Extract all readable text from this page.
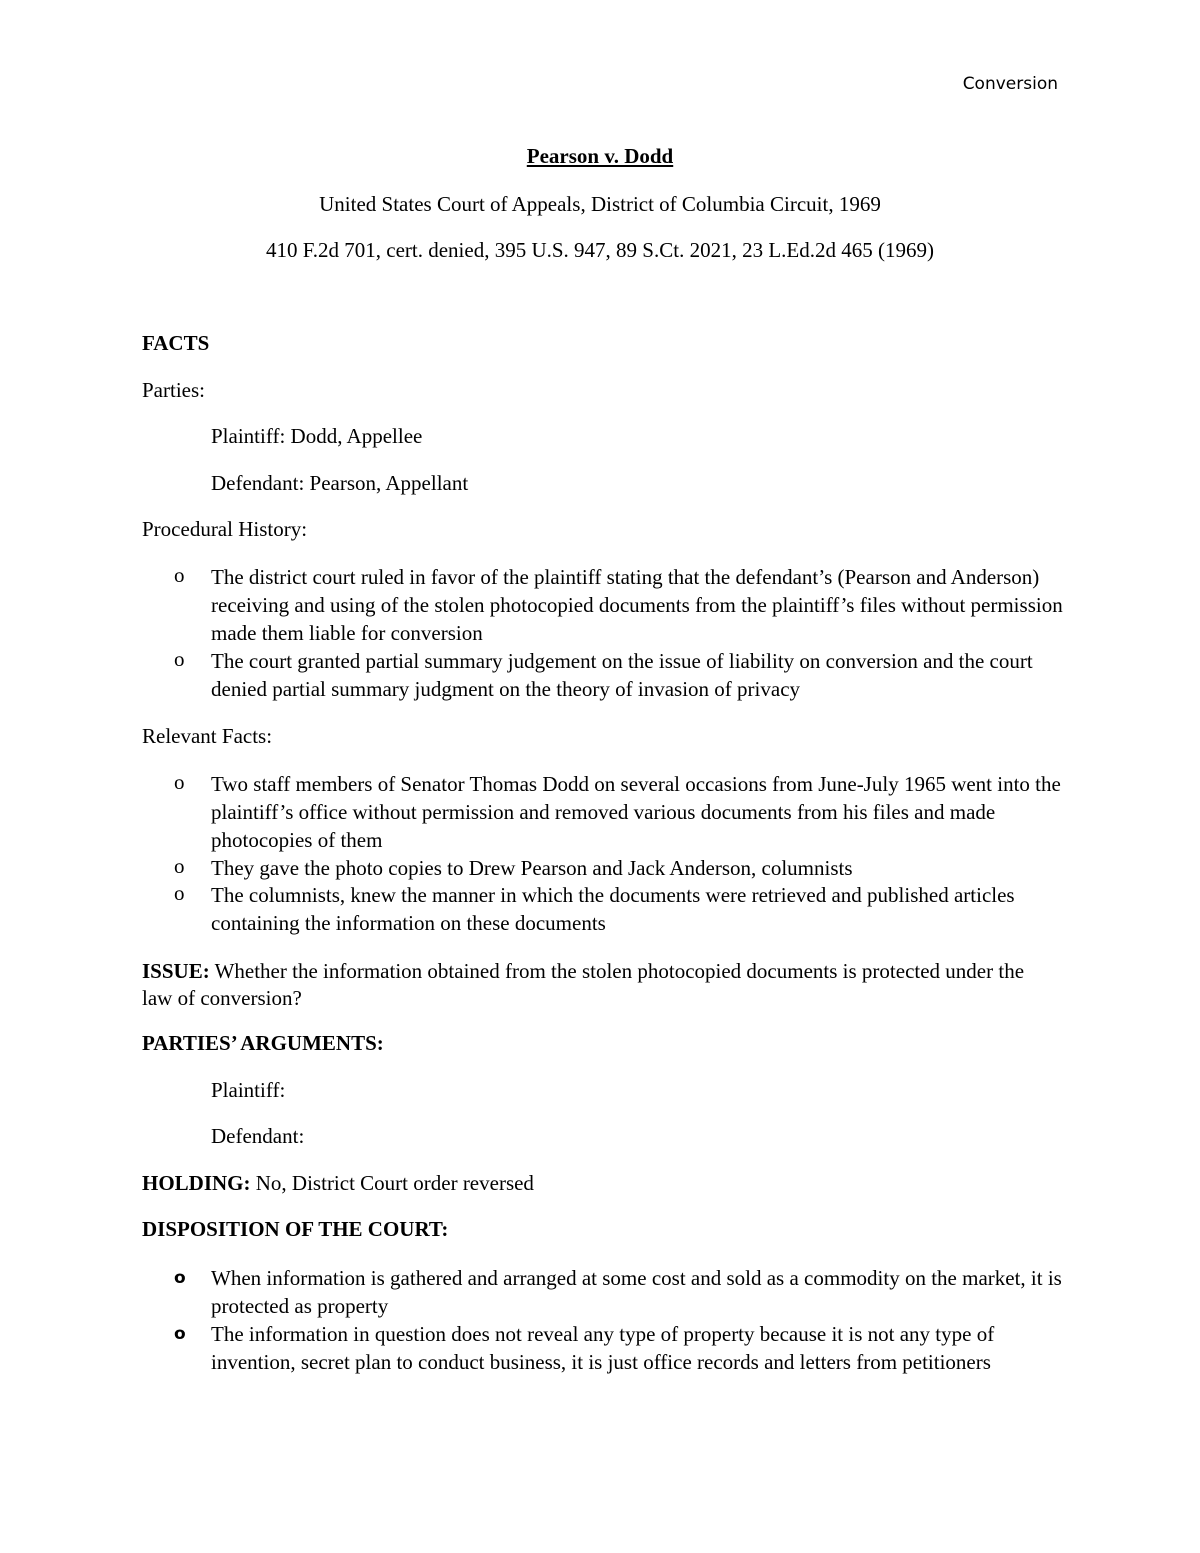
Conversion
Pearson v. Dodd
United States Court of Appeals, District of Columbia Circuit, 1969
410 F.2d 701, cert. denied, 395 U.S. 947, 89 S.Ct. 2021, 23 L.Ed.2d 465 (1969)
FACTS
Parties:
Plaintiff: Dodd, Appellee
Defendant: Pearson, Appellant
Procedural History:
o	The district court ruled in favor of the plaintiff stating that the defendant’s (Pearson and Anderson) receiving and using of the stolen photocopied documents from the plaintiff’s files without permission made them liable for conversion
o	The court granted partial summary judgement on the issue of liability on conversion and the court denied partial summary judgment on the theory of invasion of privacy
Relevant Facts:
o	Two staff members of Senator Thomas Dodd on several occasions from June-July 1965 went into the plaintiff’s office without permission and removed various documents from his files and made photocopies of them
o	They gave the photo copies to Drew Pearson and Jack Anderson, columnists
o	The columnists, knew the manner in which the documents were retrieved and published articles containing the information on these documents
ISSUE: Whether the information obtained from the stolen photocopied documents is protected under the law of conversion?
PARTIES’ ARGUMENTS:
Plaintiff:
Defendant:
HOLDING: No, District Court order reversed
DISPOSITION OF THE COURT:
o	When information is gathered and arranged at some cost and sold as a commodity on the market, it is protected as property
o	The information in question does not reveal any type of property because it is not any type of invention, secret plan to conduct business, it is just office records and letters from petitioners
